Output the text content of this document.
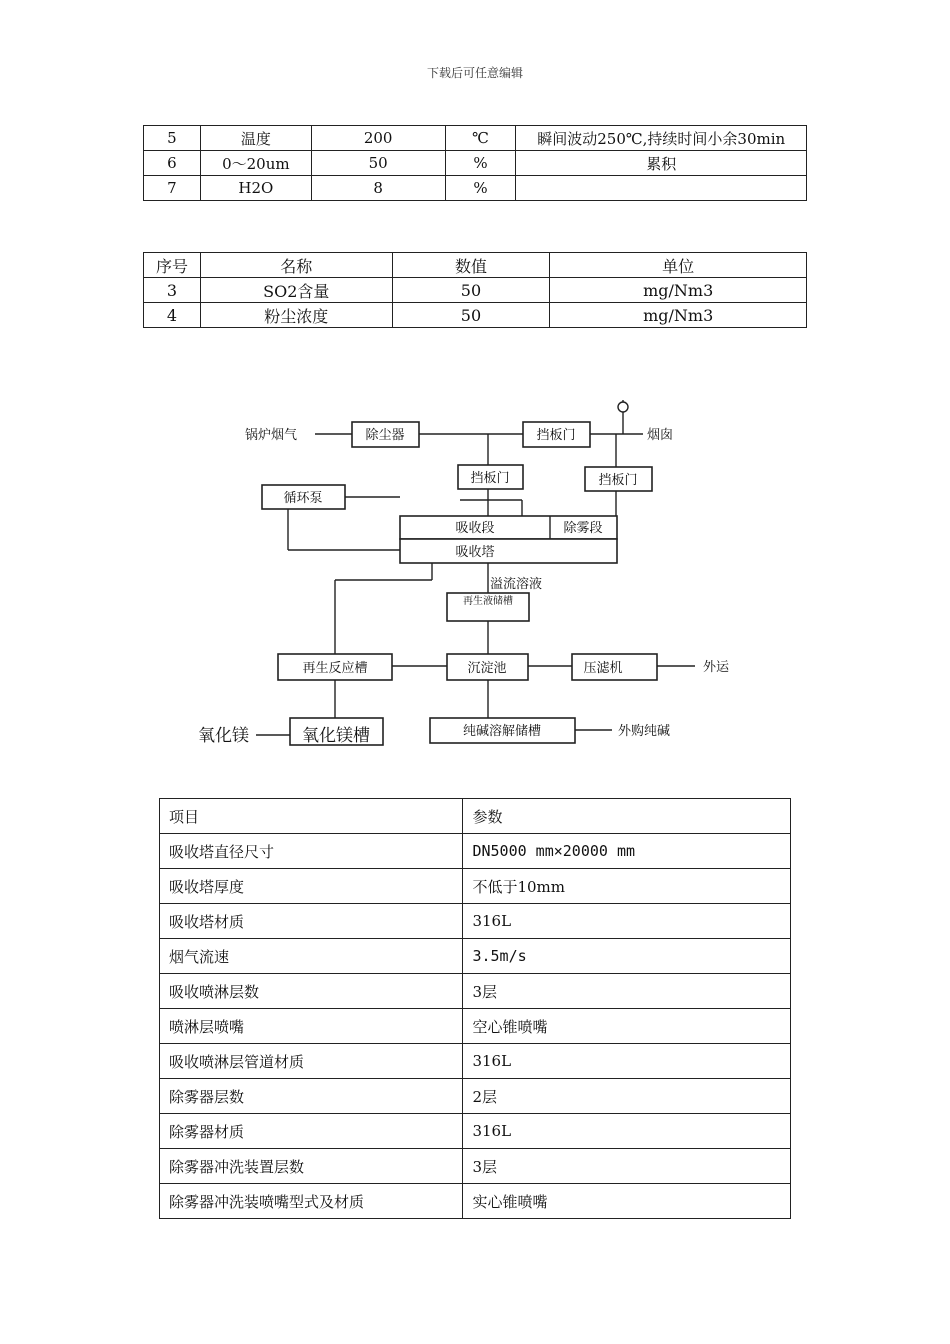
下载后可任意编辑
5	温度	200	℃	瞬间波动250℃,持续时间小余30min
6	0～20um	50	%	累积
7	H2O	8	%	
序号	名称	数值	单位
3	SO2含量	50	mg/Nm3
4	粉尘浓度	50	mg/Nm3
锅炉烟气	除尘器	挡板门	烟囱
挡板门	挡板门
循环泵
吸收段	除雾段
吸收塔
溢流溶液
再生液储槽
再生反应槽	沉淀池	压滤机	外运
氧化镁	氧化镁槽	纯碱溶解储槽	外购纯碱
项目	参数
吸收塔直径尺寸	DN5000 mm×20000 mm
吸收塔厚度	不低于10mm
吸收塔材质	316L
烟气流速	3.5m/s
吸收喷淋层数	3层
喷淋层喷嘴	空心锥喷嘴
吸收喷淋层管道材质	316L
除雾器层数	2层
除雾器材质	316L
除雾器冲洗装置层数	3层
除雾器冲洗装喷嘴型式及材质	实心锥喷嘴
